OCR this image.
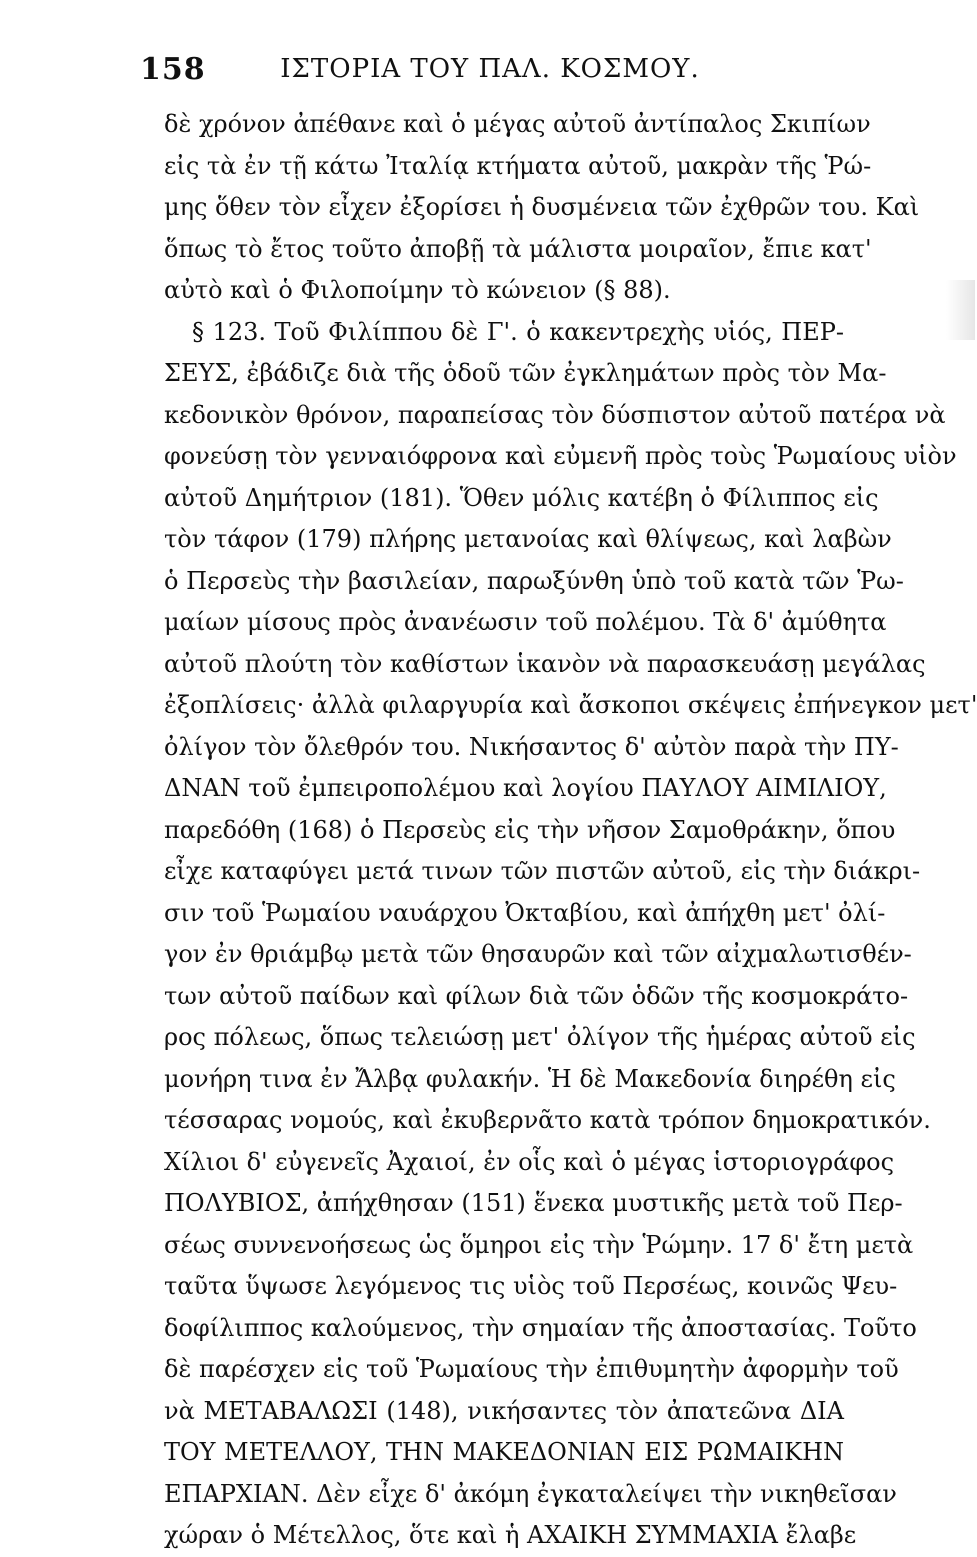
158	ΙΣΤΟΡΙΑ ΤΟΥ ΠΑΛ. ΚΟΣΜΟΥ.
δὲ χρόνον ἀπέθανε καὶ ὁ μέγας αὐτοῦ ἀντίπαλος Σκιπίων
εἰς τὰ ἐν τῇ κάτω Ἰταλίᾳ κτήματα αὐτοῦ, μακρὰν τῆς Ῥώ-
μης ὅθεν τὸν εἶχεν ἐξορίσει ἡ δυσμένεια τῶν ἐχθρῶν του. Καὶ
ὅπως τὸ ἔτος τοῦτο ἀποβῇ τὰ μάλιστα μοιραῖον, ἔπιε κατ'
αὐτὸ καὶ ὁ Φιλοποίμην τὸ κώνειον (§ 88).
§ 123. Τοῦ Φιλίππου δὲ Γ'. ὁ κακεντρεχὴς υἱός, ΠΕΡ-
ΣΕΥΣ, ἐβάδιζε διὰ τῆς ὁδοῦ τῶν ἐγκλημάτων πρὸς τὸν Μα-
κεδονικὸν θρόνον, παραπείσας τὸν δύσπιστον αὐτοῦ πατέρα νὰ
φονεύσῃ τὸν γενναιόφρονα καὶ εὐμενῆ πρὸς τοὺς Ῥωμαίους υἱὸν
αὐτοῦ Δημήτριον (181). Ὅθεν μόλις κατέβη ὁ Φίλιππος εἰς
τὸν τάφον (179) πλήρης μετανοίας καὶ θλίψεως, καὶ λαβὼν
ὁ Περσεὺς τὴν βασιλείαν, παρωξύνθη ὑπὸ τοῦ κατὰ τῶν Ῥω-
μαίων μίσους πρὸς ἀνανέωσιν τοῦ πολέμου. Τὰ δ' ἀμύθητα
αὐτοῦ πλούτη τὸν καθίστων ἱκανὸν νὰ παρασκευάσῃ μεγάλας
ἐξοπλίσεις· ἀλλὰ φιλαργυρία καὶ ἄσκοποι σκέψεις ἐπήνεγκον μετ'
ὀλίγον τὸν ὄλεθρόν του. Νικήσαντος δ' αὐτὸν παρὰ τὴν ΠΥ-
ΔΝΑΝ τοῦ ἐμπειροπολέμου καὶ λογίου ΠΑΥΛΟΥ ΑΙΜΙΛΙΟΥ,
παρεδόθη (168) ὁ Περσεὺς εἰς τὴν νῆσον Σαμοθράκην, ὅπου
εἶχε καταφύγει μετά τινων τῶν πιστῶν αὐτοῦ, εἰς τὴν διάκρι-
σιν τοῦ Ῥωμαίου ναυάρχου Ὀκταβίου, καὶ ἀπήχθη μετ' ὀλί-
γον ἐν θριάμβῳ μετὰ τῶν θησαυρῶν καὶ τῶν αἰχμαλωτισθέν-
των αὐτοῦ παίδων καὶ φίλων διὰ τῶν ὁδῶν τῆς κοσμοκράτο-
ρος πόλεως, ὅπως τελειώσῃ μετ' ὀλίγον τῆς ἡμέρας αὐτοῦ εἰς
μονήρη τινα ἐν Ἄλβᾳ φυλακήν. Ἡ δὲ Μακεδονία διηρέθη εἰς
τέσσαρας νομούς, καὶ ἐκυβερνᾶτο κατὰ τρόπον δημοκρατικόν.
Χίλιοι δ' εὐγενεῖς Ἀχαιοί, ἐν οἷς καὶ ὁ μέγας ἱστοριογράφος
ΠΟΛΥΒΙΟΣ, ἀπήχθησαν (151) ἕνεκα μυστικῆς μετὰ τοῦ Περ-
σέως συννενοήσεως ὡς ὅμηροι εἰς τὴν Ῥώμην. 17 δ' ἔτη μετὰ
ταῦτα ὕψωσε λεγόμενος τις υἱὸς τοῦ Περσέως, κοινῶς Ψευ-
δοφίλιππος καλούμενος, τὴν σημαίαν τῆς ἀποστασίας. Τοῦτο
δὲ παρέσχεν εἰς τοῦ Ῥωμαίους τὴν ἐπιθυμητὴν ἀφορμὴν τοῦ
νὰ ΜΕΤΑΒΑΛΩΣΙ (148), νικήσαντες τὸν ἀπατεῶνα ΔΙΑ
ΤΟΥ ΜΕΤΕΛΛΟΥ, ΤΗΝ ΜΑΚΕΔΟΝΙΑΝ ΕΙΣ ΡΩΜΑΙΚΗΝ
ΕΠΑΡΧΙΑΝ. Δὲν εἶχε δ' ἀκόμη ἐγκαταλείψει τὴν νικηθεῖσαν
χώραν ὁ Μέτελλος, ὅτε καὶ ἡ ΑΧΑΙΚΗ ΣΥΜΜΑΧΙΑ ἔλαβε
